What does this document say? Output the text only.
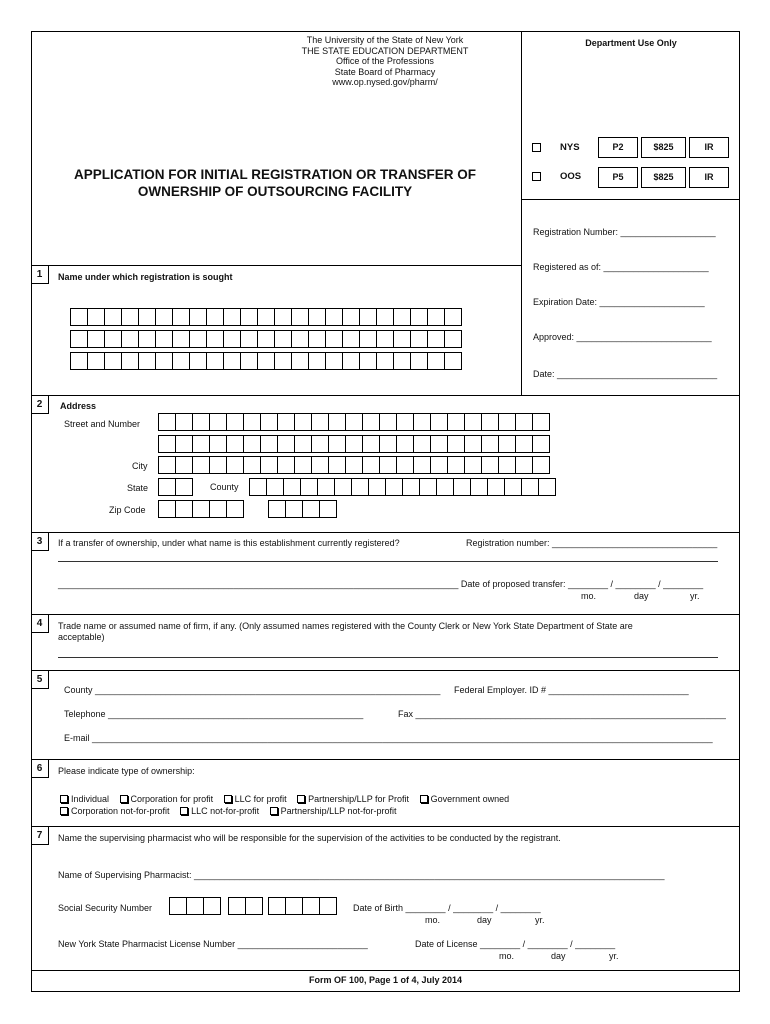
The University of the State of New York
THE STATE EDUCATION DEPARTMENT
Office of the Professions
State Board of Pharmacy
www.op.nysed.gov/pharm/
APPLICATION FOR INITIAL REGISTRATION OR TRANSFER OF
OWNERSHIP OF OUTSOURCING FACILITY
Department Use Only
NYS	P2	$825	IR
OOS	P5	$825	IR
Registration Number: ___________________
Registered as of: _____________________
Expiration Date: _____________________
Approved: ___________________________
Date: ________________________________
1	Name under which registration is sought
2	Address
Street and Number
City
State	County
Zip Code
3	If a transfer of ownership, under what name is this establishment currently registered?	Registration number: _________________________________
________________________________________________________________________________ Date of proposed transfer: ________ / ________ / ________
mo.	day	yr.
4	Trade name or assumed name of firm, if any. (Only assumed names registered with the County Clerk or New York State Department of State are
acceptable)
5
County _____________________________________________________________________ Federal Employer. ID # ____________________________
Telephone ___________________________________________________	Fax ______________________________________________________________
E-mail ____________________________________________________________________________________________________________________________
6	Please indicate type of ownership:
Individual Corporation for profit LLC for profit Partnership/LLP for Profit Government owned
Corporation not-for-profit LLC not-for-profit Partnership/LLP not-for-profit
7	Name the supervising pharmacist who will be responsible for the supervision of the activities to be conducted by the registrant.
Name of Supervising Pharmacist: ______________________________________________________________________________________________
Social Security Number	Date of Birth ________ / ________ / ________
mo.	day	yr.
New York State Pharmacist License Number __________________________	Date of License ________ / ________ / ________
mo.	day	yr.
Form OF 100, Page 1 of 4, July 2014
